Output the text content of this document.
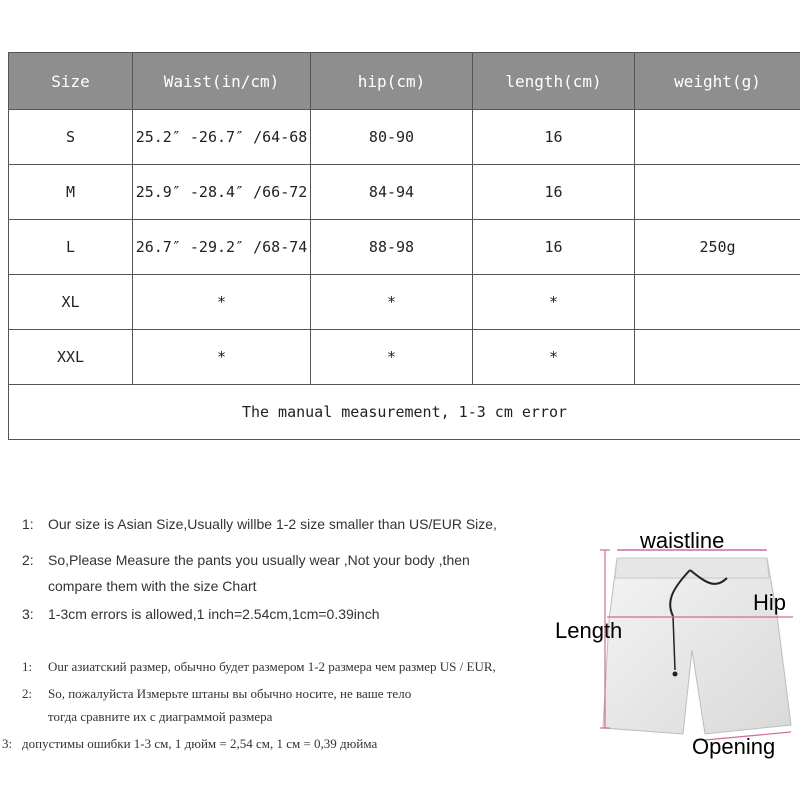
Size	Waist(in/cm)	hip(cm)	length(cm)	weight(g)
S	25.2″ -26.7″ /64-68	80-90	16	
M	25.9″ -28.4″ /66-72	84-94	16	
L	26.7″ -29.2″ /68-74	88-98	16	250g
XL	*	*	*	
XXL	*	*	*	
The manual measurement, 1-3 cm error				
1: Our size is Asian Size,Usually willbe 1-2 size smaller than US/EUR Size,
2: So,Please Measure the pants you usually wear ,Not your body ,then
compare them with the size Chart
3: 1-3cm errors is allowed,1 inch=2.54cm,1cm=0.39inch
1: Our азиатский размер, обычно будет размером 1-2 размера чем размер US / EUR,
2: So, пожалуйста Измерьте штаны вы обычно носите, не ваше тело
тогда сравните их с диаграммой размера
3: допустимы ошибки 1-3 см, 1 дюйм = 2,54 см, 1 см = 0,39 дюйма
waistline
Hip
Length
Opening
